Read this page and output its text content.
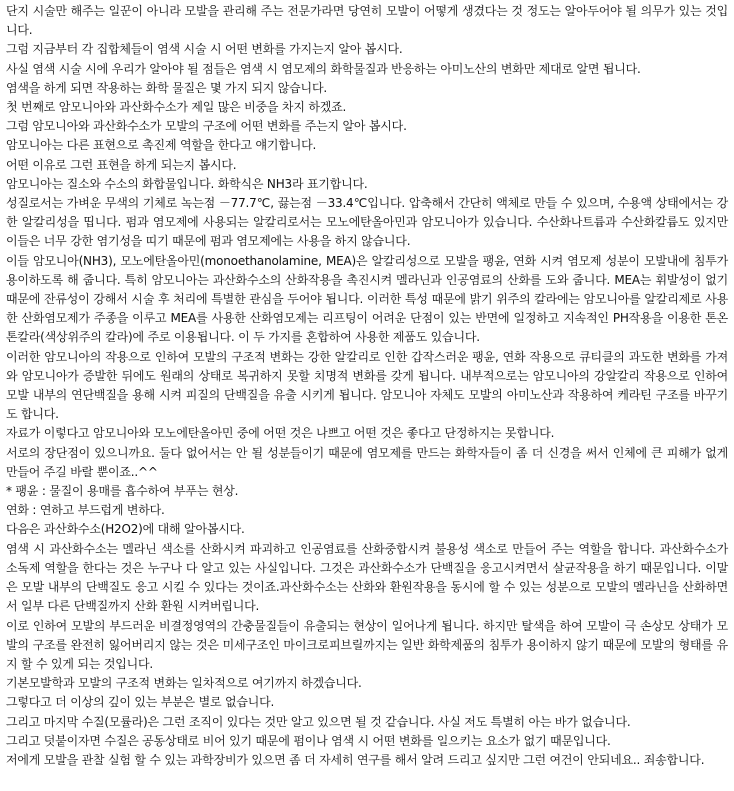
단지 시술만 해주는 일꾼이 아니라 모발을 관리해 주는 전문가라면 당연히 모발이 어떻게 생겼다는 것 정도는 알아두어야 될 의무가 있는 것입니다.

그럼 지금부터 각 집합체들이 염색 시술 시 어떤 변화를 가지는지 알아 봅시다.

사실 염색 시술 시에 우리가 알아야 될 점들은 염색 시 염모제의 화학물질과 반응하는 아미노산의 변화만 제대로 알면 됩니다.

염색을 하게 되면 작용하는 화학 물질은 몇 가지 되지 않습니다.

첫 번째로 암모니아와 과산화수소가 제일 많은 비중을 차지 하겠죠.

그럼 암모니아와 과산화수소가 모발의 구조에 어떤 변화를 주는지 알아 봅시다.

암모니아는 다른 표현으로 촉진제 역할을 한다고 얘기합니다.

어떤 이유로 그런 표현을 하게 되는지 봅시다.

암모니아는 질소와 수소의 화합물입니다. 화학식은 NH3라 표기합니다.

성질로서는 가벼운 무색의 기체로 녹는점 －77.7℃, 끓는점 －33.4℃입니다. 압축해서 간단히 액체로 만들 수 있으며, 수용액 상태에서는 강한 알칼리성을 띱니다. 펌과 염모제에 사용되는 알칼리로서는 모노에탄올아민과 암모니아가 있습니다. 수산화나트륨과 수산화칼륨도 있지만 이들은 너무 강한 염기성을 띠기 때문에 펌과 염모제에는 사용을 하지 않습니다.

이들 암모니아(NH3), 모노에탄올아민(monoethanolamine, MEA)은 알칼리성으로 모발을 팽윤, 연화 시켜 염모제 성분이 모발내에 침투가 용이하도록 해 줍니다. 특히 암모니아는 과산화수소의 산화작용을 촉진시켜 멜라닌과 인공염료의 산화를 도와 줍니다. MEA는 휘발성이 없기 때문에 잔류성이 강해서 시술 후 처리에 특별한 관심을 두어야 됩니다. 이러한 특성 때문에 밝기 위주의 칼라에는 암모니아를 알칼리제로 사용한 산화염모제가 주종을 이루고 MEA를 사용한 산화염모제는 리프팅이 어려운 단점이 있는 반면에 일정하고 지속적인 PH작용을 이용한 톤온톤칼라(색상위주의 칼라)에 주로 이용됩니다. 이 두 가지를 혼합하여 사용한 제품도 있습니다.

이러한 암모니아의 작용으로 인하여 모발의 구조적 변화는 강한 알칼리로 인한 갑작스러운 팽윤, 연화 작용으로 큐티클의 과도한 변화를 가져와 암모니아가 증발한 뒤에도 원래의 상태로 복귀하지 못할 치명적 변화를 갖게 됩니다. 내부적으로는 암모니아의 강알칼리 작용으로 인하여 모발 내부의 연단백질을 용해 시켜 피질의 단백질을 유출 시키게 됩니다. 암모니아 자체도 모발의 아미노산과 작용하여 케라틴 구조를 바꾸기도 합니다.

자료가 이렇다고 암모니아와 모노에탄올아민 중에 어떤 것은 나쁘고 어떤 것은 좋다고 단정하지는 못합니다.

서로의 장단점이 있으니까요. 둘다 없어서는 안 될 성분들이기 때문에 염모제를 만드는 화학자들이 좀 더 신경을 써서 인체에 큰 피해가 없게 만들어 주길 바랄 뿐이죠..^^

* 팽윤 : 물질이 용매를 흡수하여 부푸는 현상.

연화 : 연하고 부드럽게 변하다.

다음은 과산화수소(H2O2)에 대해 알아봅시다.

염색 시 과산화수소는 멜라닌 색소를 산화시켜 파괴하고 인공염료를 산화중합시켜 불용성 색소로 만들어 주는 역할을 합니다. 과산화수소가 소독제 역할을 한다는 것은 누구나 다 알고 있는 사실입니다. 그것은 과산화수소가 단백질을 응고시켜면서 살균작용을 하기 때문입니다. 이말은 모발 내부의 단백질도 응고 시킬 수 있다는 것이죠.과산화수소는 산화와 환원작용을 동시에 할 수 있는 성분으로 모발의 멜라닌을 산화하면서 일부 다른 단백질까지 산화 환원 시켜버립니다.

이로 인하여 모발의 부드러운 비결정영역의 간충물질들이 유출되는 현상이 일어나게 됩니다. 하지만 탈색을 하여 모발이 극 손상모 상태가 모발의 구조를 완전히 잃어버리지 않는 것은 미세구조인 마이크로피브릴까지는 일반 화학제품의 침투가 용이하지 않기 때문에 모발의 형태를 유지 할 수 있게 되는 것입니다.

기본모발학과 모발의 구조적 변화는 일차적으로 여기까지 하겠습니다.

그렇다고 더 이상의 깊이 있는 부분은 별로 없습니다.

그리고 마지막 수질(모률라)은 그런 조직이 있다는 것만 알고 있으면 될 것 같습니다. 사실 저도 특별히 아는 바가 없습니다.

그리고 덧붙이자면 수질은 공동상태로 비어 있기 때문에 펌이나 염색 시 어떤 변화를 일으키는 요소가 없기 때문입니다.

저에게 모발을 관찰 실험 할 수 있는 과학장비가 있으면 좀 더 자세히 연구를 해서 알려 드리고 싶지만 그런 여건이 안되네요.. 죄송합니다.
